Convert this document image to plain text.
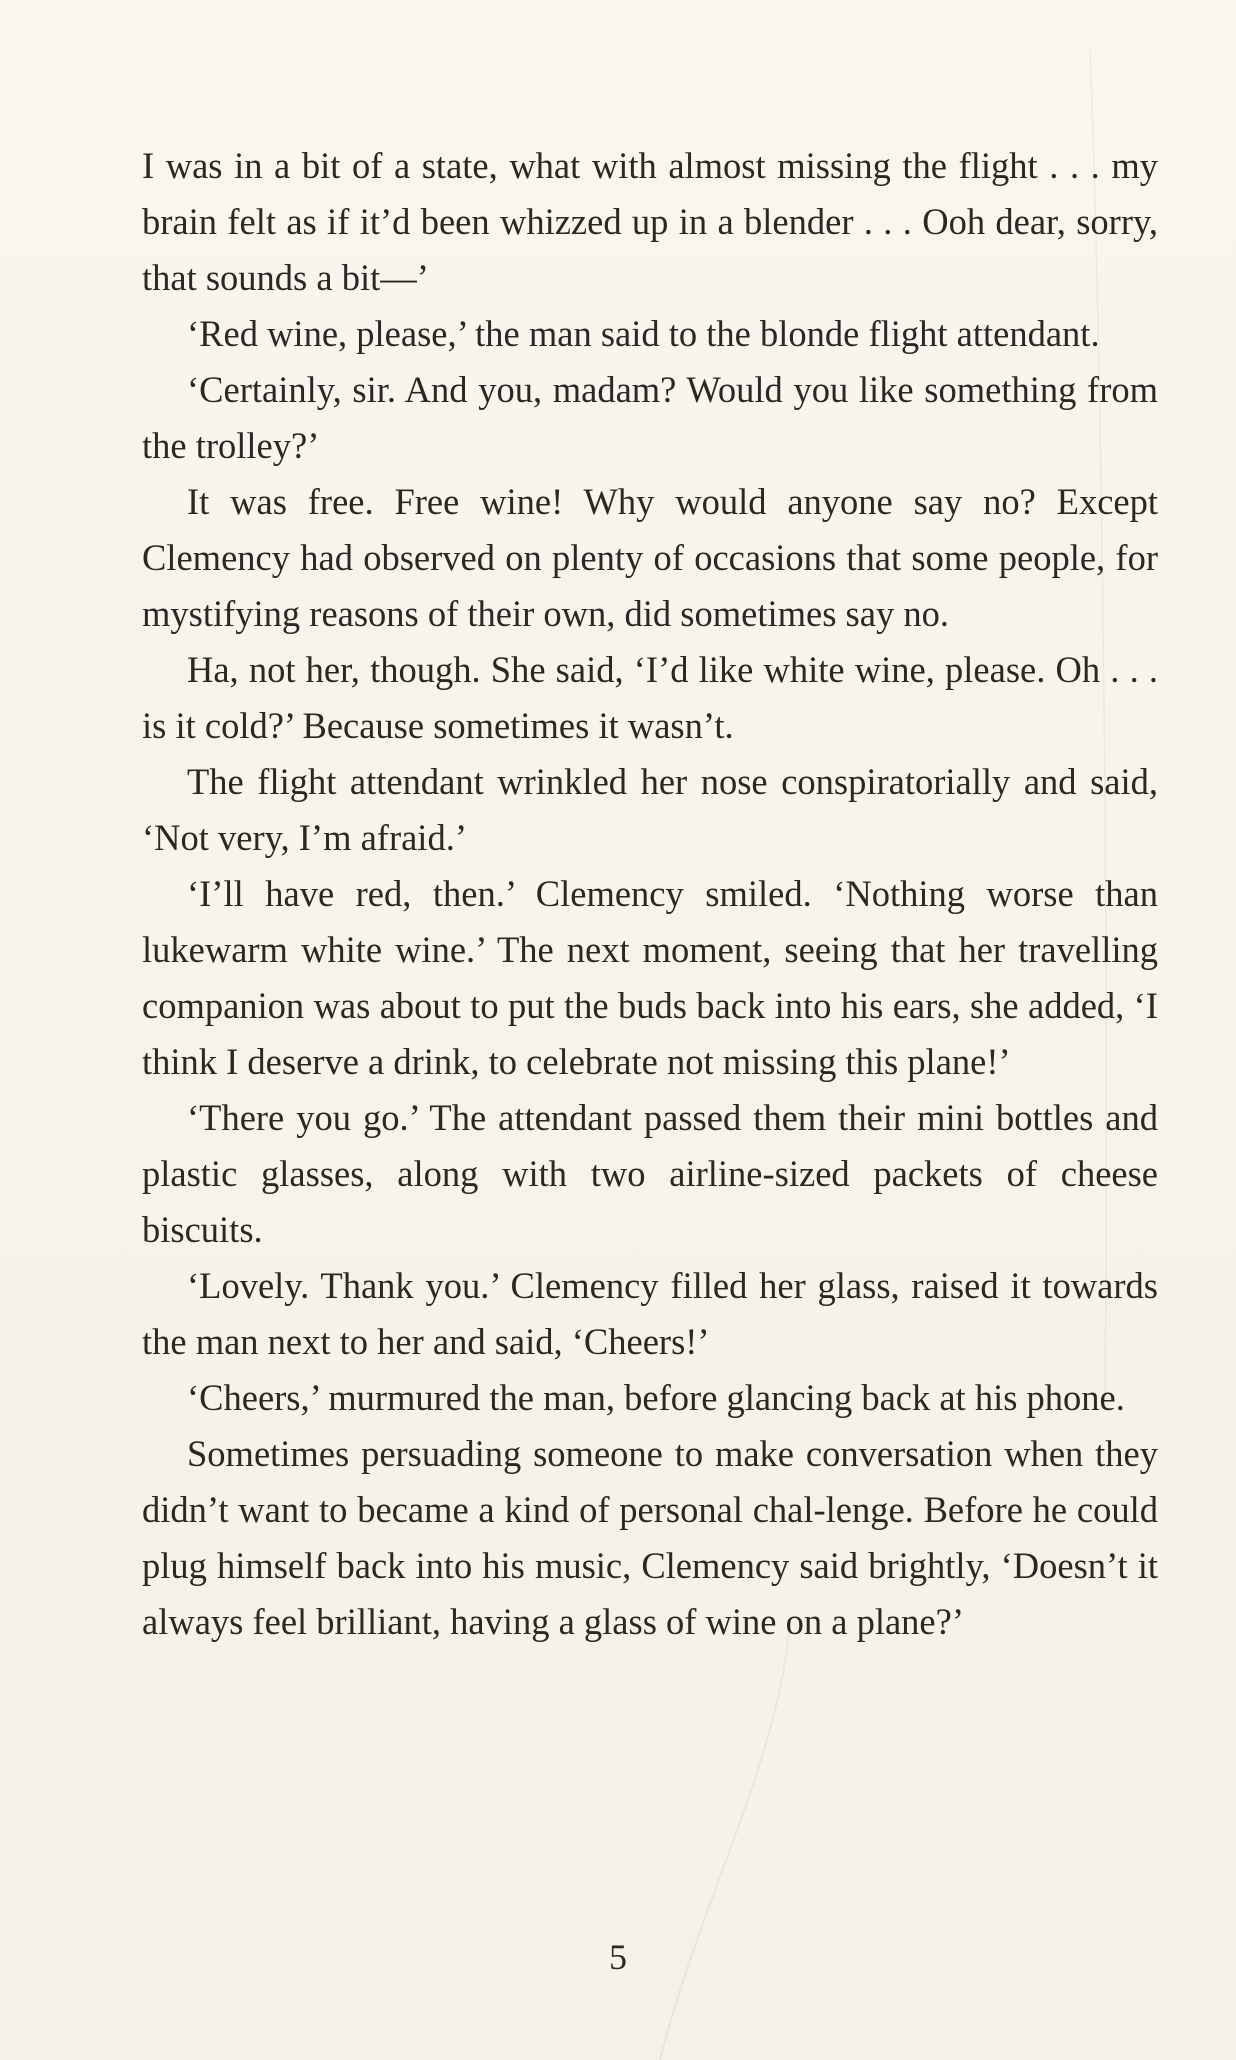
I was in a bit of a state, what with almost missing the flight . . . my brain felt as if it’d been whizzed up in a blender . . . Ooh dear, sorry, that sounds a bit—’

‘Red wine, please,’ the man said to the blonde flight attendant.

‘Certainly, sir. And you, madam? Would you like something from the trolley?’

It was free. Free wine! Why would anyone say no? Except Clemency had observed on plenty of occasions that some people, for mystifying reasons of their own, did sometimes say no.

Ha, not her, though. She said, ‘I’d like white wine, please. Oh . . . is it cold?’ Because sometimes it wasn’t.

The flight attendant wrinkled her nose conspiratorially and said, ‘Not very, I’m afraid.’

‘I’ll have red, then.’ Clemency smiled. ‘Nothing worse than lukewarm white wine.’ The next moment, seeing that her travelling companion was about to put the buds back into his ears, she added, ‘I think I deserve a drink, to celebrate not missing this plane!’

‘There you go.’ The attendant passed them their mini bottles and plastic glasses, along with two airline-sized packets of cheese biscuits.

‘Lovely. Thank you.’ Clemency filled her glass, raised it towards the man next to her and said, ‘Cheers!’

‘Cheers,’ murmured the man, before glancing back at his phone.

Sometimes persuading someone to make conversation when they didn’t want to became a kind of personal chal-lenge. Before he could plug himself back into his music, Clemency said brightly, ‘Doesn’t it always feel brilliant, having a glass of wine on a plane?’

5
